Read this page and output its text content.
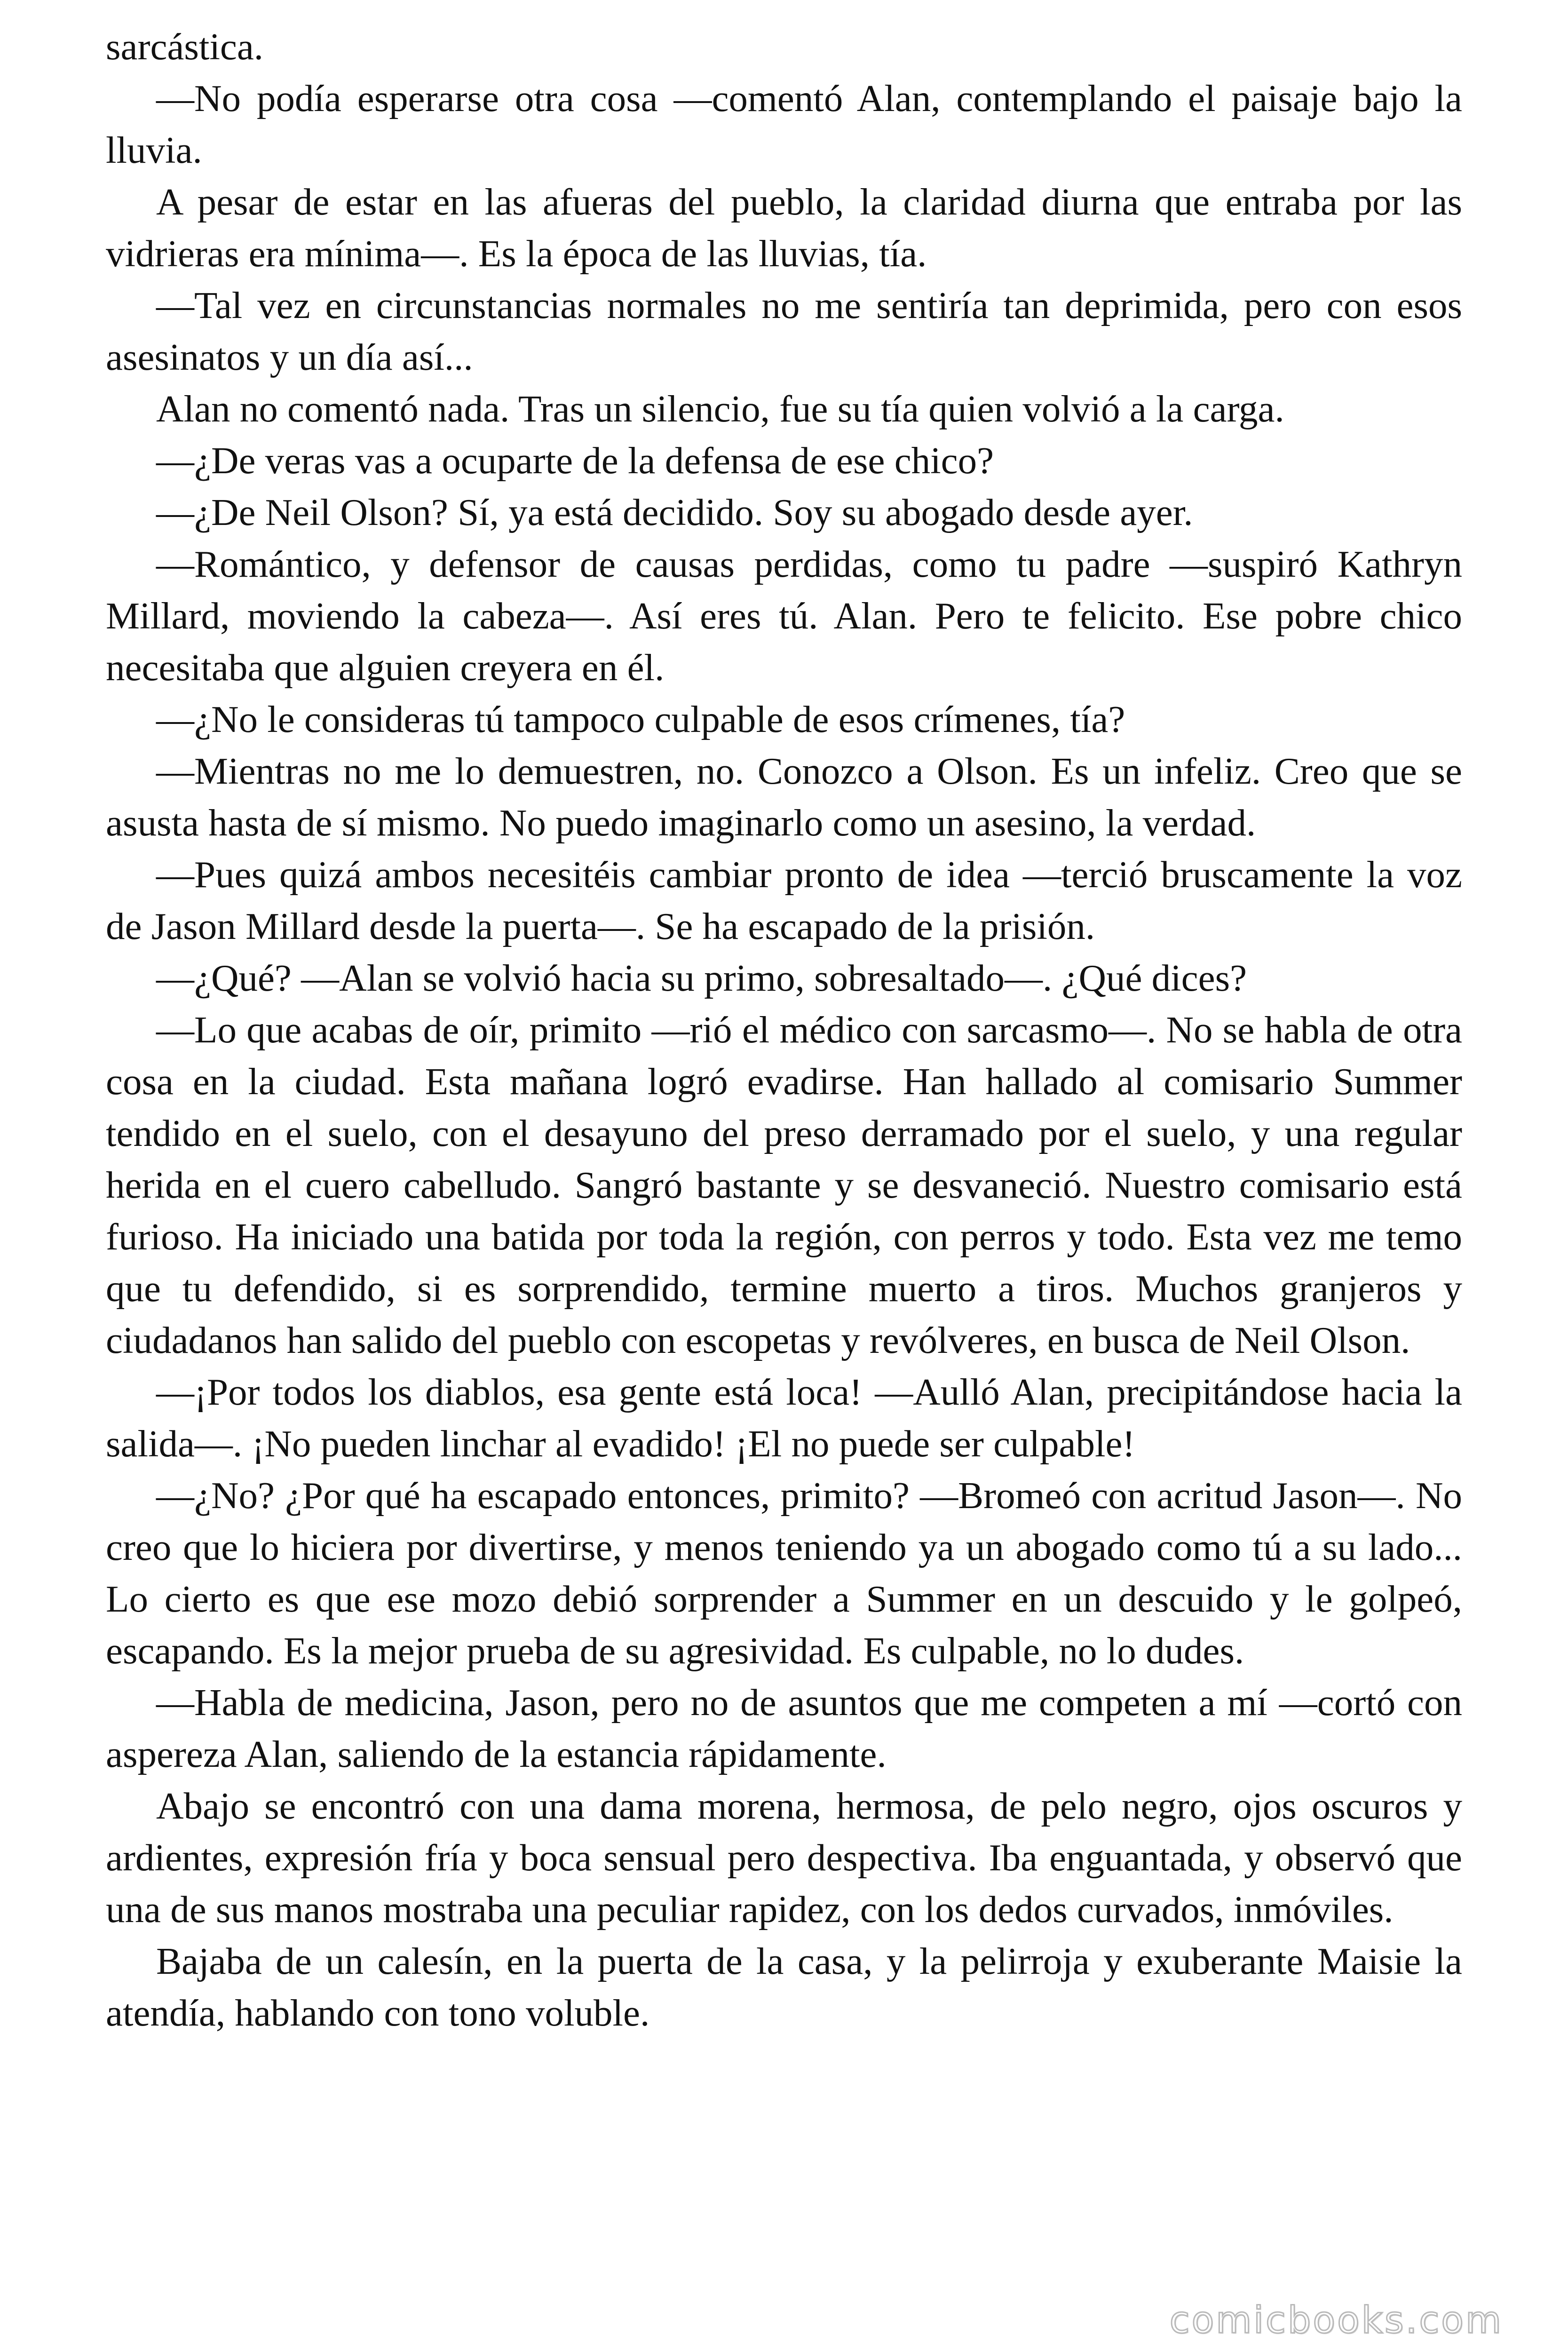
sarcástica.

—No podía esperarse otra cosa —comentó Alan, contemplando el paisaje bajo la lluvia.

A pesar de estar en las afueras del pueblo, la claridad diurna que entraba por las vidrieras era mínima—. Es la época de las lluvias, tía.

—Tal vez en circunstancias normales no me sentiría tan deprimida, pero con esos asesinatos y un día así...

Alan no comentó nada. Tras un silencio, fue su tía quien volvió a la carga.

—¿De veras vas a ocuparte de la defensa de ese chico?

—¿De Neil Olson? Sí, ya está decidido. Soy su abogado desde ayer.

—Romántico, y defensor de causas perdidas, como tu padre —suspiró Kathryn Millard, moviendo la cabeza—. Así eres tú. Alan. Pero te felicito. Ese pobre chico necesitaba que alguien creyera en él.

—¿No le consideras tú tampoco culpable de esos crímenes, tía?

—Mientras no me lo demuestren, no. Conozco a Olson. Es un infeliz. Creo que se asusta hasta de sí mismo. No puedo imaginarlo como un asesino, la verdad.

—Pues quizá ambos necesitéis cambiar pronto de idea —terció bruscamente la voz de Jason Millard desde la puerta—. Se ha escapado de la prisión.

—¿Qué? —Alan se volvió hacia su primo, sobresaltado—. ¿Qué dices?

—Lo que acabas de oír, primito —rió el médico con sarcasmo—. No se habla de otra cosa en la ciudad. Esta mañana logró evadirse. Han hallado al comisario Summer tendido en el suelo, con el desayuno del preso derramado por el suelo, y una regular herida en el cuero cabelludo. Sangró bastante y se desvaneció. Nuestro comisario está furioso. Ha iniciado una batida por toda la región, con perros y todo. Esta vez me temo que tu defendido, si es sorprendido, termine muerto a tiros. Muchos granjeros y ciudadanos han salido del pueblo con escopetas y revólveres, en busca de Neil Olson.

—¡Por todos los diablos, esa gente está loca! —Aulló Alan, precipitándose hacia la salida—. ¡No pueden linchar al evadido! ¡El no puede ser culpable!

—¿No? ¿Por qué ha escapado entonces, primito? —Bromeó con acritud Jason—. No creo que lo hiciera por divertirse, y menos teniendo ya un abogado como tú a su lado... Lo cierto es que ese mozo debió sorprender a Summer en un descuido y le golpeó, escapando. Es la mejor prueba de su agresividad. Es culpable, no lo dudes.

—Habla de medicina, Jason, pero no de asuntos que me competen a mí —cortó con aspereza Alan, saliendo de la estancia rápidamente.

Abajo se encontró con una dama morena, hermosa, de pelo negro, ojos oscuros y ardientes, expresión fría y boca sensual pero despectiva. Iba enguantada, y observó que una de sus manos mostraba una peculiar rapidez, con los dedos curvados, inmóviles.

Bajaba de un calesín, en la puerta de la casa, y la pelirroja y exuberante Maisie la atendía, hablando con tono voluble.

comicbooks.com
